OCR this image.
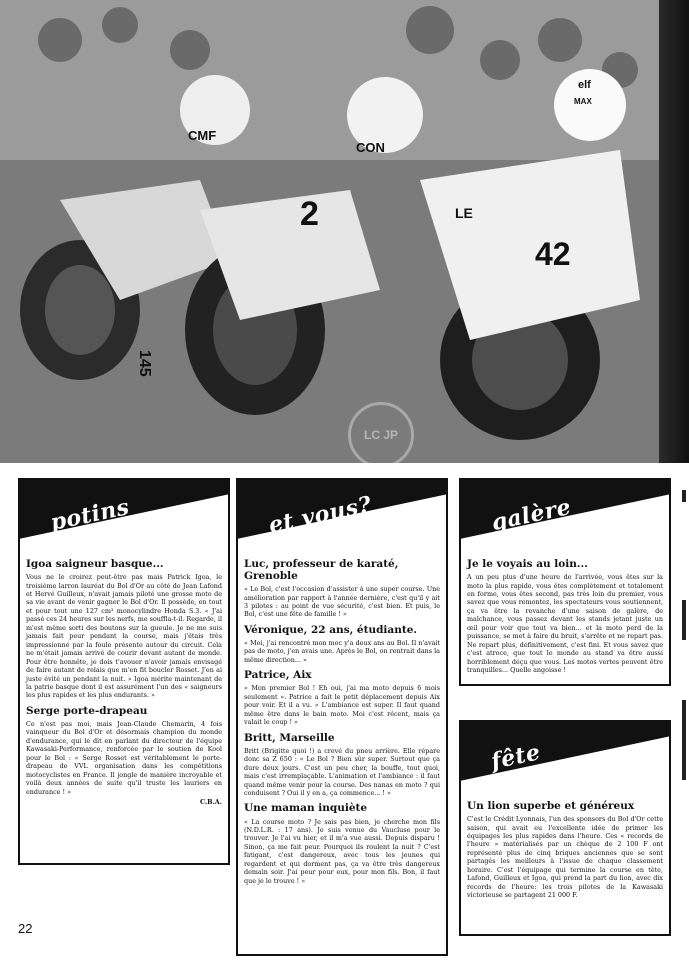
2
42
CMF
CON
elf
MAX
LE
145
LC JP
potins
Igoa saigneur basque...

Vous ne le croirez peut-être pas mais Patrick Igoa, le troisième larron lauréat du Bol d'Or au côté de Jean Lafond et Hervé Guilleux, n'avait jamais piloté une grosse moto de sa vie avant de venir gagner le Bol d'Or. Il possède, en tout et pour tout une 127 cm³ monocylindre Honda S.3. « J'ai passé ces 24 heures sur les nerfs, me souffla-t-il. Regarde, il m'est même sorti des boutons sur la gueule. Je ne me suis jamais fait peur pendant la course, mais j'étais très impressionné par la foule présente autour du circuit. Cela ne m'était jamais arrivé de courir devant autant de monde. Pour être honnête, je dois t'avouer n'avoir jamais envisagé de faire autant de relais que m'en fit boucler Rosset. J'en ai juste évité un pendant la nuit. » Igoa mérite maintenant de la patrie basque dont il est assurément l'un des « saigneurs les plus rapides et les plus endurants. »

Serge porte-drapeau

Ce n'est pas moi, mais Jean-Claude Chemarin, 4 fois vainqueur du Bol d'Or et désormais champion du monde d'endurance, qui le dit en parlant du directeur de l'équipe Kawasaki-Performance, renforcée par le soutien de Kool pour le Bol : « Serge Rosset est véritablement le porte-drapeau de VVL organisation dans les compétitions motocyclistes en France. Il jongle de manière incroyable et voilà deux années de suite qu'il truste les lauriers en endurance ! »

C.B.A.
et vous?
Luc, professeur de karaté, Grenoble

« Le Bol, c'est l'occasion d'assister à une super course. Une amélioration par rapport à l'année dernière, c'est qu'il y ait 3 pilotes : au point de vue sécurité, c'est bien. Et puis, le Bol, c'est une fête de famille ! »

Véronique, 22 ans, étudiante.

« Moi, j'ai rencontré mon mec y'a deux ans au Bol. Il n'avait pas de moto, j'en avais une. Après le Bol, on rentrait dans la même direction... »

Patrice, Aix

« Mon premier Bol ! Eh oui, j'ai ma moto depuis 6 mois seulement ». Patrice a fait le petit déplacement depuis Aix pour voir. Et il a vu. « L'ambiance est super. Il faut quand même être dans le bain moto. Moi c'est récent, mais ça valait le coup ! »

Britt, Marseille

Britt (Brigitte quoi !) a crevé du pneu arrière. Elle répare donc sa Z 650 : « Le Bol ? Bien sûr super. Surtout que ça dure deux jours. C'est un peu cher, la bouffe, tout quoi, mais c'est irremplaçable. L'animation et l'ambiance : il faut quand même venir pour la course. Des nanas en moto ? qui conduisent ? Oui il y en a, ça commence... ! »

Une maman inquiète

« La course moto ? Je sais pas bien, je cherche mon fils (N.D.L.R. : 17 ans). Je suis venue du Vaucluse pour le trouver. Je l'ai vu hier, et il m'a vue aussi. Depuis disparu ! Sinon, ça me fait peur. Pourquoi ils roulent la nuit ? C'est fatigant, c'est dangereux, avec tous les jeunes qui regardent et qui dorment pas, ça va être très dangereux demain soir. J'ai peur pour eux, pour mon fils. Bon, il faut que je le trouve ! »

galère
Je le voyais au loin...

A un peu plus d'une heure de l'arrivée, vous êtes sur la moto la plus rapide, vous êtes complètement et totalement en forme, vous êtes second, pas très loin du premier, vous savez que vous remontez, les spectateurs vous soutiennent, ça va être la revanche d'une saison de galère, de malchance, vous passez devant les stands jetant juste un œil pour voir que tout va bien... et la moto perd de la puissance, se met à faire du bruit, s'arrête et ne repart pas. Ne repart plus, définitivement, c'est fini. Et vous savez que c'est atroce, que tout le monde au stand va être aussi horriblement déçu que vous. Les motos vertes peuvent être tranquilles... Quelle angoisse !

fête
Un lion superbe et généreux

C'est le Crédit Lyonnais, l'un des sponsors du Bol d'Or cette saison, qui avait eu l'excellente idée de primer les équipages les plus rapides dans l'heure. Ces « records de l'heure » matérialisés par un chèque de 2 100 F ont représenté plus de cinq briques anciennes que se sont partagés les meilleurs à l'issue de chaque classement horaire. C'est l'équipage qui termine la course en tête, Lafond, Guilleux et Igoa, qui prend la part du lion, avec dix records de l'heure: les trois pilotes de la Kawasaki victorieuse se partagent 21 000 F.

22
